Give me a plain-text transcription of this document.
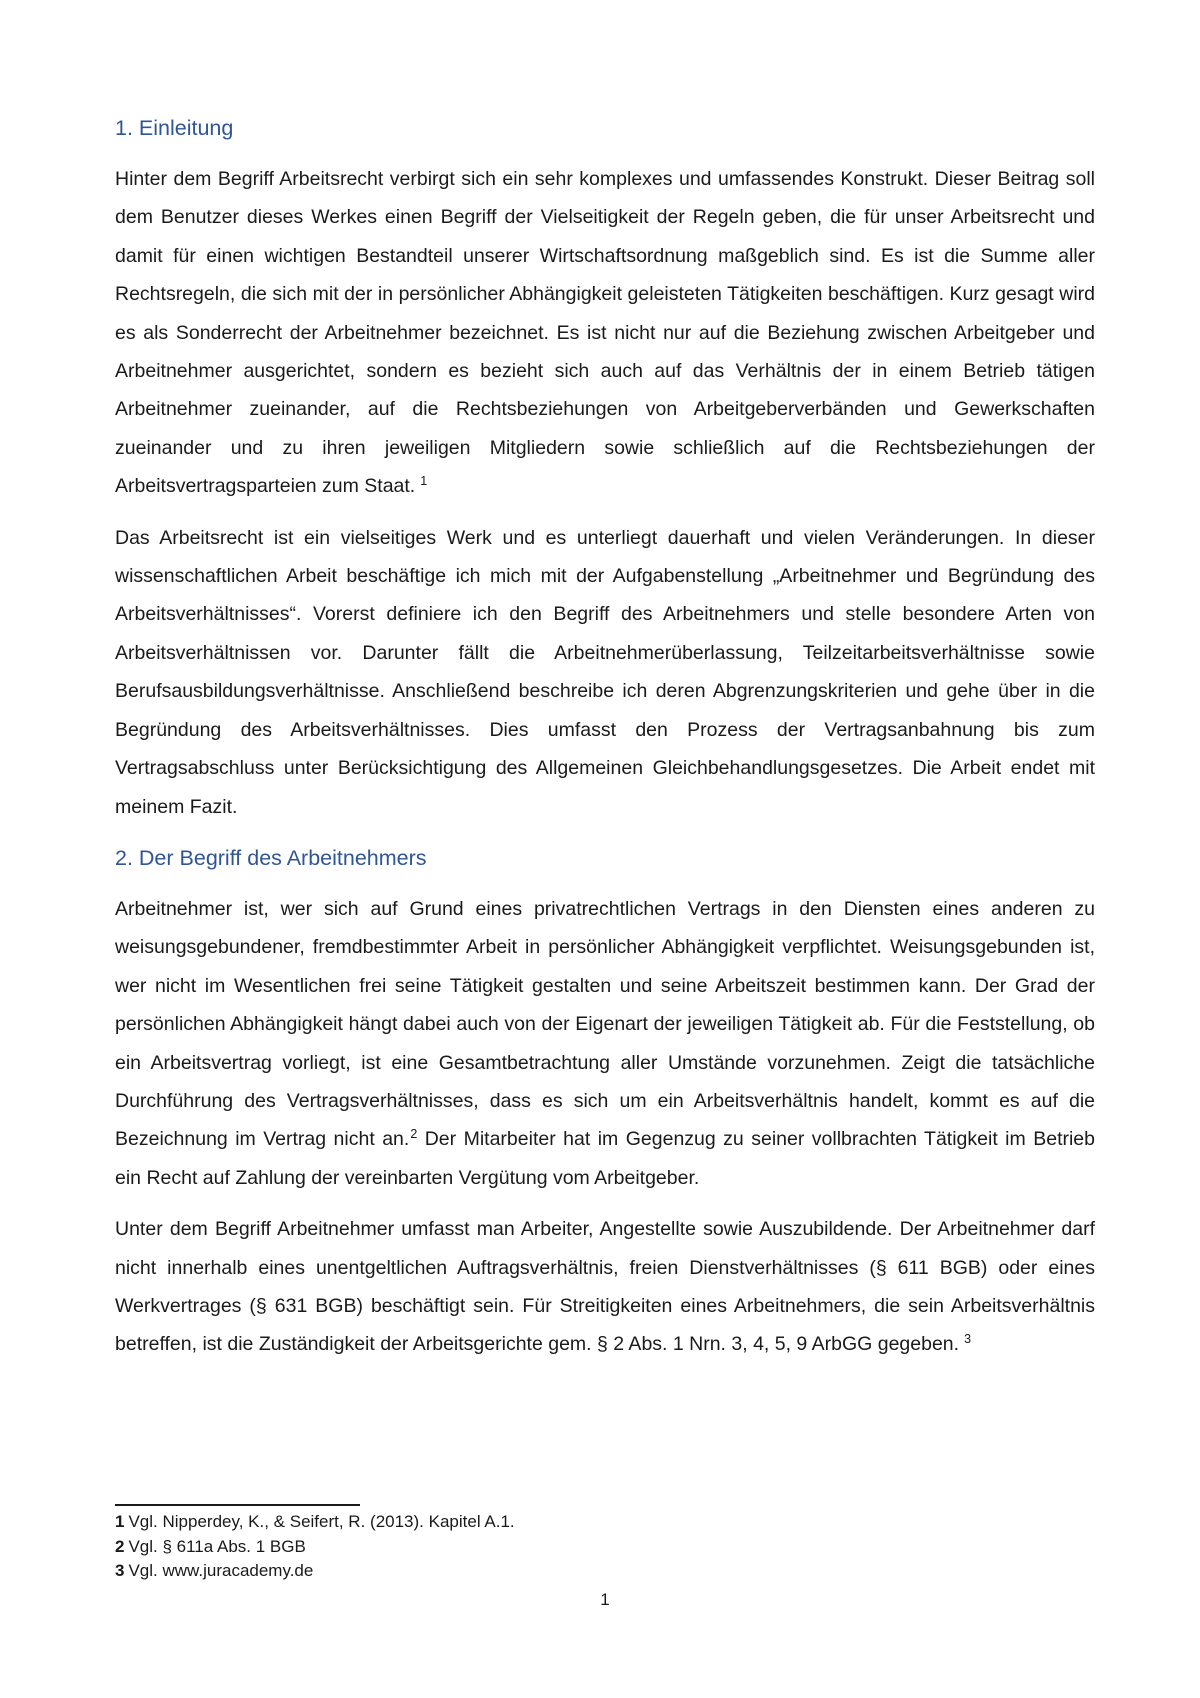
1. Einleitung

Hinter dem Begriff Arbeitsrecht verbirgt sich ein sehr komplexes und umfassendes Konstrukt. Dieser Beitrag soll dem Benutzer dieses Werkes einen Begriff der Vielseitigkeit der Regeln geben, die für unser Arbeitsrecht und damit für einen wichtigen Bestandteil unserer Wirtschaftsordnung maßgeblich sind. Es ist die Summe aller Rechtsregeln, die sich mit der in persönlicher Abhängigkeit geleisteten Tätigkeiten beschäftigen. Kurz gesagt wird es als Sonderrecht der Arbeitnehmer bezeichnet. Es ist nicht nur auf die Beziehung zwischen Arbeitgeber und Arbeitnehmer ausgerichtet, sondern es bezieht sich auch auf das Verhältnis der in einem Betrieb tätigen Arbeitnehmer zueinander, auf die Rechtsbeziehungen von Arbeitgeberverbänden und Gewerkschaften zueinander und zu ihren jeweiligen Mitgliedern sowie schließlich auf die Rechtsbeziehungen der Arbeitsvertragsparteien zum Staat. $^1$

Das Arbeitsrecht ist ein vielseitiges Werk und es unterliegt dauerhaft und vielen Veränderungen. In dieser wissenschaftlichen Arbeit beschäftige ich mich mit der Aufgabenstellung „Arbeitnehmer und Begründung des Arbeitsverhältnisses“. Vorerst definiere ich den Begriff des Arbeitnehmers und stelle besondere Arten von Arbeitsverhältnissen vor. Darunter fällt die Arbeitnehmerüberlassung, Teilzeitarbeitsverhältnisse sowie Berufsausbildungsverhältnisse. Anschließend beschreibe ich deren Abgrenzungskriterien und gehe über in die Begründung des Arbeitsverhältnisses. Dies umfasst den Prozess der Vertragsanbahnung bis zum Vertragsabschluss unter Berücksichtigung des Allgemeinen Gleichbehandlungsgesetzes. Die Arbeit endet mit meinem Fazit.

2. Der Begriff des Arbeitnehmers

Arbeitnehmer ist, wer sich auf Grund eines privatrechtlichen Vertrags in den Diensten eines anderen zu weisungsgebundener, fremdbestimmter Arbeit in persönlicher Abhängigkeit verpflichtet. Weisungsgebunden ist, wer nicht im Wesentlichen frei seine Tätigkeit gestalten und seine Arbeitszeit bestimmen kann. Der Grad der persönlichen Abhängigkeit hängt dabei auch von der Eigenart der jeweiligen Tätigkeit ab. Für die Feststellung, ob ein Arbeitsvertrag vorliegt, ist eine Gesamtbetrachtung aller Umstände vorzunehmen. Zeigt die tatsächliche Durchführung des Vertragsverhältnisses, dass es sich um ein Arbeitsverhältnis handelt, kommt es auf die Bezeichnung im Vertrag nicht an.$^2$ Der Mitarbeiter hat im Gegenzug zu seiner vollbrachten Tätigkeit im Betrieb ein Recht auf Zahlung der vereinbarten Vergütung vom Arbeitgeber.

Unter dem Begriff Arbeitnehmer umfasst man Arbeiter, Angestellte sowie Auszubildende. Der Arbeitnehmer darf nicht innerhalb eines unentgeltlichen Auftragsverhältnis, freien Dienstverhältnisses (§ 611 BGB) oder eines Werkvertrages (§ 631 BGB) beschäftigt sein. Für Streitigkeiten eines Arbeitnehmers, die sein Arbeitsverhältnis betreffen, ist die Zuständigkeit der Arbeitsgerichte gem. § 2 Abs. 1 Nrn. 3, 4, 5, 9 ArbGG gegeben. $^3$

1 Vgl. Nipperdey, K., & Seifert, R. (2013). Kapitel A.1.
2 Vgl. § 611a Abs. 1 BGB
3 Vgl. www.juracademy.de
1
